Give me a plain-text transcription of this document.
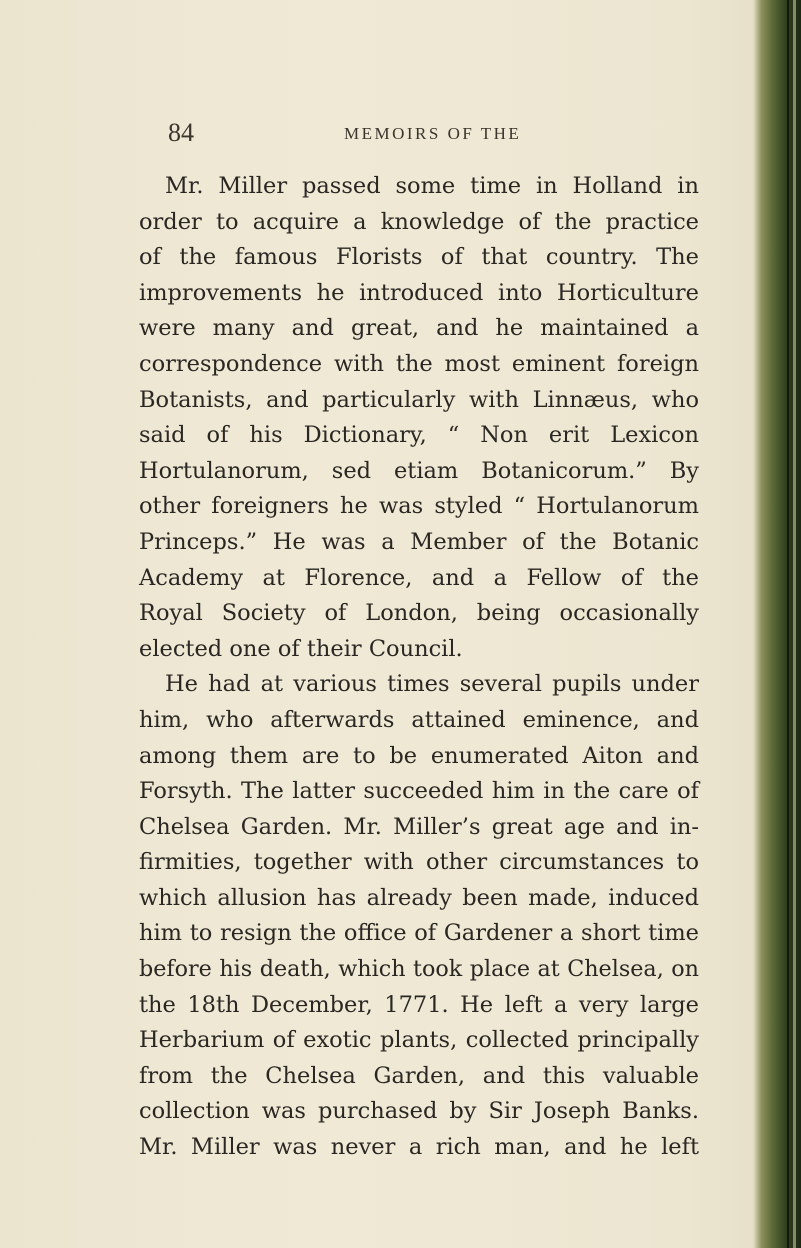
84	MEMOIRS OF THE
Mr. Miller passed some time in Holland in
order to acquire a knowledge of the practice
of the famous Florists of that country. The
improvements he introduced into Horticulture
were many and great, and he maintained a
correspondence with the most eminent foreign
Botanists, and particularly with Linnæus, who
said of his Dictionary, “ Non erit Lexicon
Hortulanorum, sed etiam Botanicorum.” By
other foreigners he was styled “ Hortulanorum
Princeps.” He was a Member of the Botanic
Academy at Florence, and a Fellow of the
Royal Society of London, being occasionally
elected one of their Council.
He had at various times several pupils under
him, who afterwards attained eminence, and
among them are to be enumerated Aiton and
Forsyth. The latter succeeded him in the care of
Chelsea Garden. Mr. Miller’s great age and in-
firmities, together with other circumstances to
which allusion has already been made, induced
him to resign the office of Gardener a short time
before his death, which took place at Chelsea, on
the 18th December, 1771. He left a very large
Herbarium of exotic plants, collected principally
from the Chelsea Garden, and this valuable
collection was purchased by Sir Joseph Banks.
Mr. Miller was never a rich man, and he left
